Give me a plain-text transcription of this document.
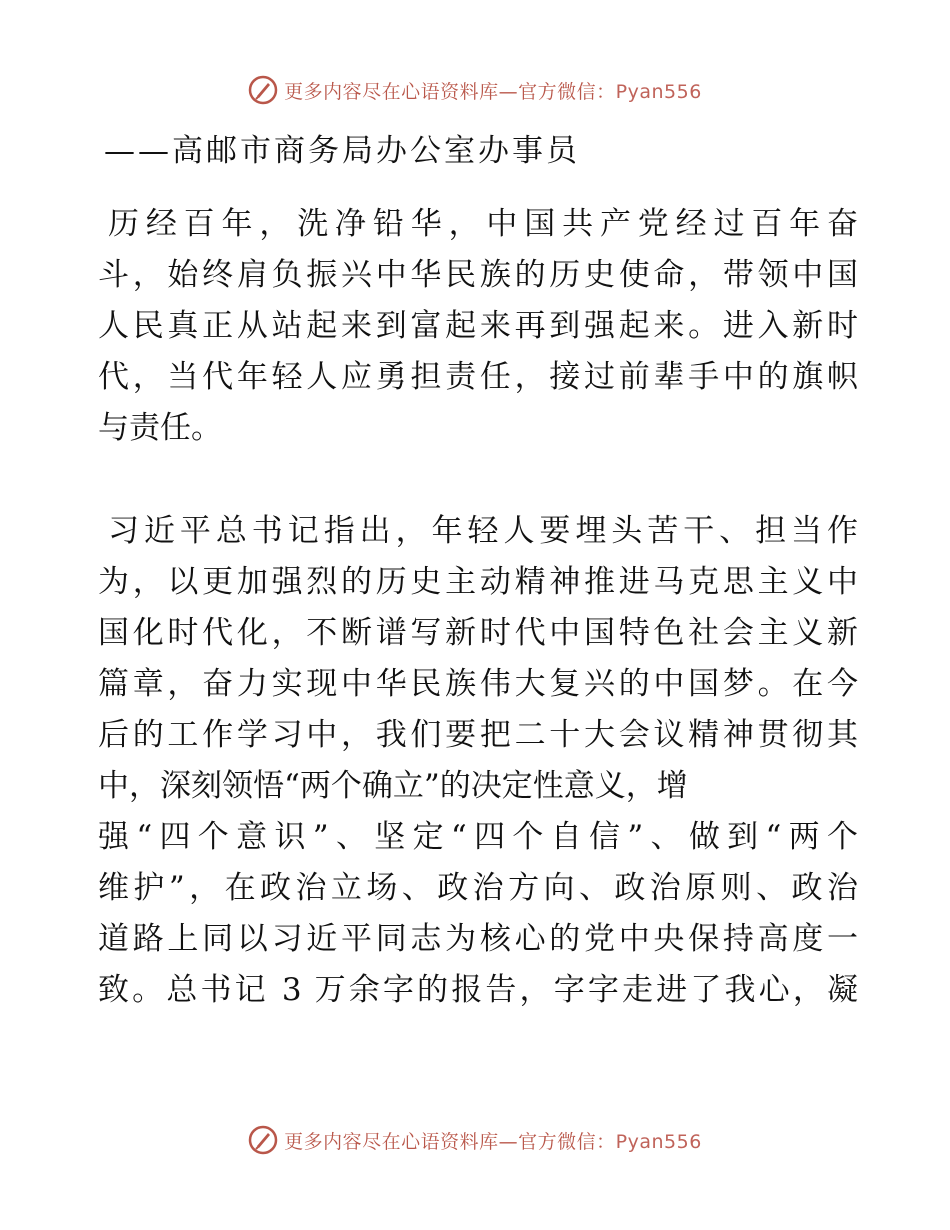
更多内容尽在心语资料库—官方微信：Pyan556
——高邮市商务局办公室办事员
历经百年，洗净铅华，中国共产党经过百年奋
斗，始终肩负振兴中华民族的历史使命，带领中国
人民真正从站起来到富起来再到强起来。进入新时
代，当代年轻人应勇担责任，接过前辈手中的旗帜
与责任。
习近平总书记指出，年轻人要埋头苦干、担当作
为，以更加强烈的历史主动精神推进马克思主义中
国化时代化，不断谱写新时代中国特色社会主义新
篇章，奋力实现中华民族伟大复兴的中国梦。在今
后的工作学习中，我们要把二十大会议精神贯彻其
中，深刻领悟“两个确立”的决定性意义，增
强“四个意识”、坚定“四个自信”、做到“两个
维护”，在政治立场、政治方向、政治原则、政治
道路上同以习近平同志为核心的党中央保持高度一
致。总书记 3 万余字的报告，字字走进了我心，凝
更多内容尽在心语资料库—官方微信：Pyan556
